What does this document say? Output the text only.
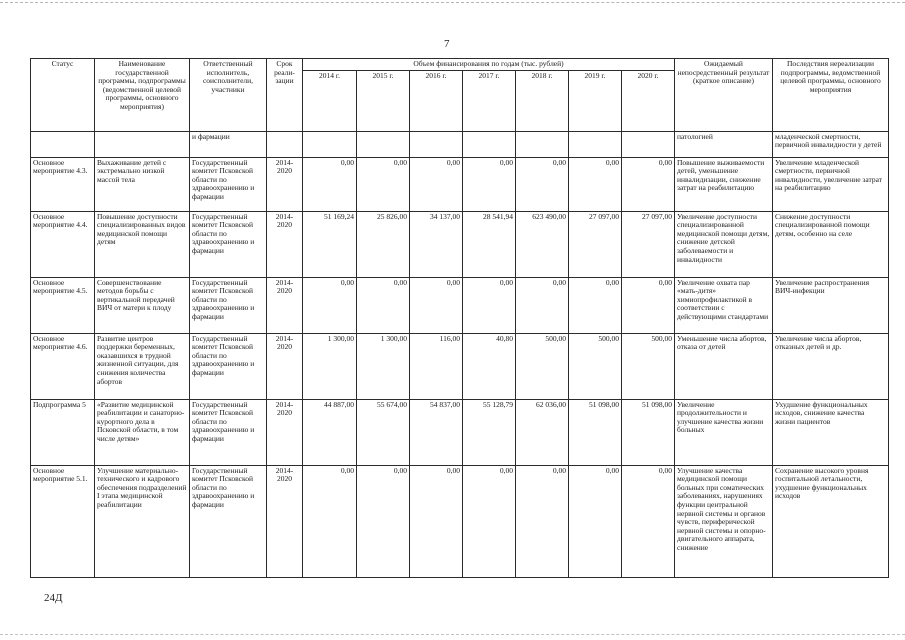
7
Статус	Наименование государственной программы, подпрограммы (ведомственной целевой программы, основного мероприятия)	Ответственный исполнитель, соисполнители, участники	Срок реали-зации	Объем финансирования по годам (тыс. рублей)							Ожидаемый непосредственный результат (краткое описание)	Последствия нереализации подпрограммы, ведомственной целевой программы, основного мероприятия
				2014 г.	2015 г.	2016 г.	2017 г.	2018 г.	2019 г.	2020 г.		
		и фармации									патологией	младенческой смертности, первичной инвалидности у детей
Основное мероприятие 4.3.	Выхаживание детей с экстремально низкой массой тела	Государственный комитет Псковской области по здравоохранению и фармации	2014-2020	0,00	0,00	0,00	0,00	0,00	0,00	0,00	Повышение выживаемости детей, уменьшение инвалидизации, снижение затрат на реабилитацию	Увеличение младенческой смертности, первичной инвалидности, увеличение затрат на реабилитацию
Основное мероприятие 4.4.	Повышение доступности специализированных видов медицинской помощи детям	Государственный комитет Псковской области по здравоохранению и фармации	2014-2020	51 169,24	25 826,00	34 137,00	28 541,94	623 490,00	27 097,00	27 097,00	Увеличение доступности специализированной медицинской помощи детям, снижение детской заболеваемости и инвалидности	Снижение доступности специализированной помощи детям, особенно на селе
Основное мероприятие 4.5.	Совершенствование методов борьбы с вертикальной передачей ВИЧ от матери к плоду	Государственный комитет Псковской области по здравоохранению и фармации	2014-2020	0,00	0,00	0,00	0,00	0,00	0,00	0,00	Увеличение охвата пар «мать-дитя» химиопрофилактикой в соответствии с действующими стандартами	Увеличение распространения ВИЧ-инфекции
Основное мероприятие 4.6.	Развитие центров поддержки беременных, оказавшихся в трудной жизненной ситуации, для снижения количества абортов	Государственный комитет Псковской области по здравоохранению и фармации	2014-2020	1 300,00	1 300,00	116,00	40,80	500,00	500,00	500,00	Уменьшение числа абортов, отказа от детей	Увеличение числа абортов, отказных детей и др.
Подпрограмма 5	«Развитие медицинской реабилитации и санаторно-курортного дела в Псковской области, в том числе детям»	Государственный комитет Псковской области по здравоохранению и фармации	2014-2020	44 887,00	55 674,00	54 837,00	55 128,79	62 036,00	51 098,00	51 098,00	Увеличение продолжительности и улучшение качества жизни больных	Ухудшение функциональных исходов, снижение качества жизни пациентов
Основное мероприятие 5.1.	Улучшение материально-технического и кадрового обеспечения подразделений I этапа медицинской реабилитации	Государственный комитет Псковской области по здравоохранению и фармации	2014-2020	0,00	0,00	0,00	0,00	0,00	0,00	0,00	Улучшение качества медицинской помощи больных при соматических заболеваниях, нарушениях функции центральной нервной системы и органов чувств, периферической нервной системы и опорно-двигательного аппарата, снижение	Сохранение высокого уровня госпитальной летальности, ухудшение функциональных исходов
24Д
